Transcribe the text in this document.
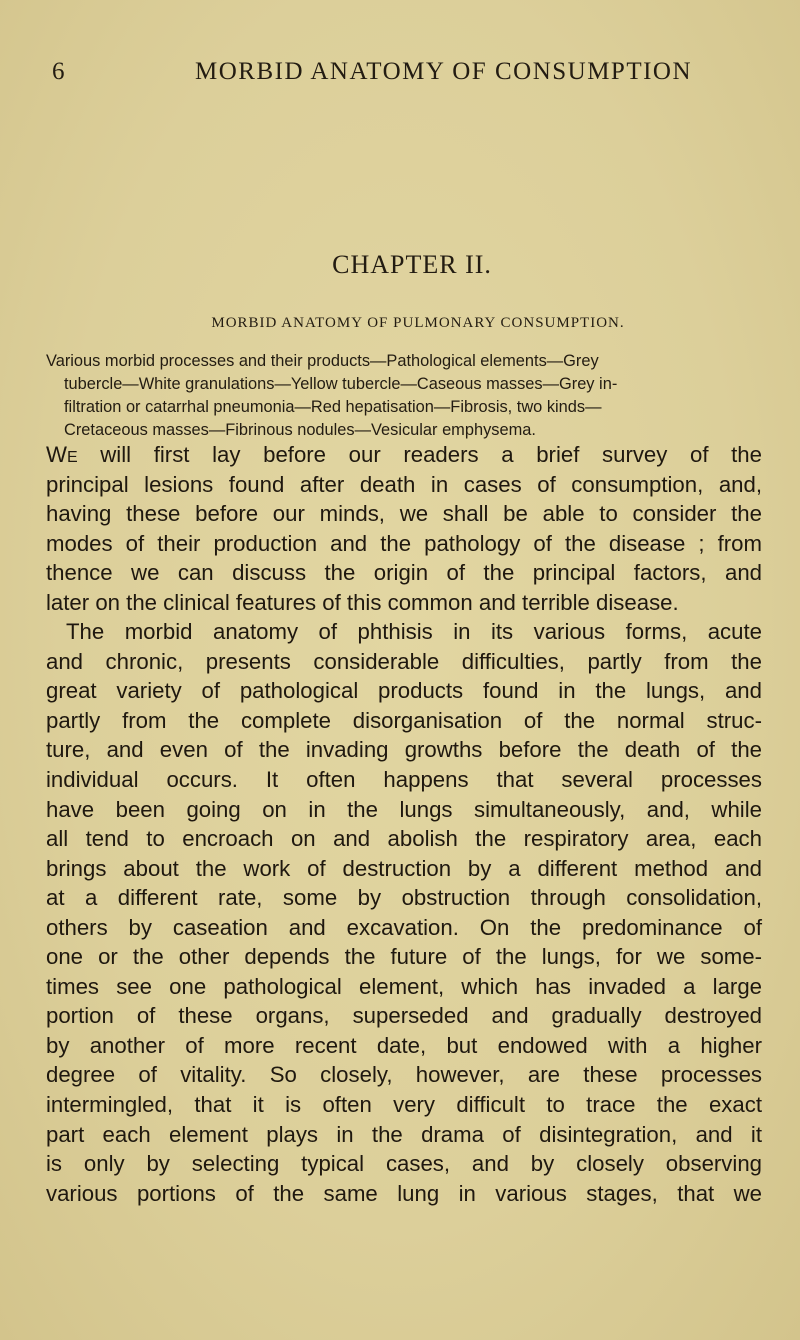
6	MORBID ANATOMY OF CONSUMPTION
CHAPTER II.
MORBID ANATOMY OF PULMONARY CONSUMPTION.
Various morbid processes and their products—Pathological elements—Grey
tubercle—White granulations—Yellow tubercle—Caseous masses—Grey in-
filtration or catarrhal pneumonia—Red hepatisation—Fibrosis, two kinds—
Cretaceous masses—Fibrinous nodules—Vesicular emphysema.
We will first lay before our readers a brief survey of the
principal lesions found after death in cases of consumption, and,
having these before our minds, we shall be able to consider the
modes of their production and the pathology of the disease ; from
thence we can discuss the origin of the principal factors, and
later on the clinical features of this common and terrible disease.
The morbid anatomy of phthisis in its various forms, acute
and chronic, presents considerable difficulties, partly from the
great variety of pathological products found in the lungs, and
partly from the complete disorganisation of the normal struc-
ture, and even of the invading growths before the death of the
individual occurs. It often happens that several processes
have been going on in the lungs simultaneously, and, while
all tend to encroach on and abolish the respiratory area, each
brings about the work of destruction by a different method and
at a different rate, some by obstruction through consolidation,
others by caseation and excavation. On the predominance of
one or the other depends the future of the lungs, for we some-
times see one pathological element, which has invaded a large
portion of these organs, superseded and gradually destroyed
by another of more recent date, but endowed with a higher
degree of vitality. So closely, however, are these processes
intermingled, that it is often very difficult to trace the exact
part each element plays in the drama of disintegration, and it
is only by selecting typical cases, and by closely observing
various portions of the same lung in various stages, that we
